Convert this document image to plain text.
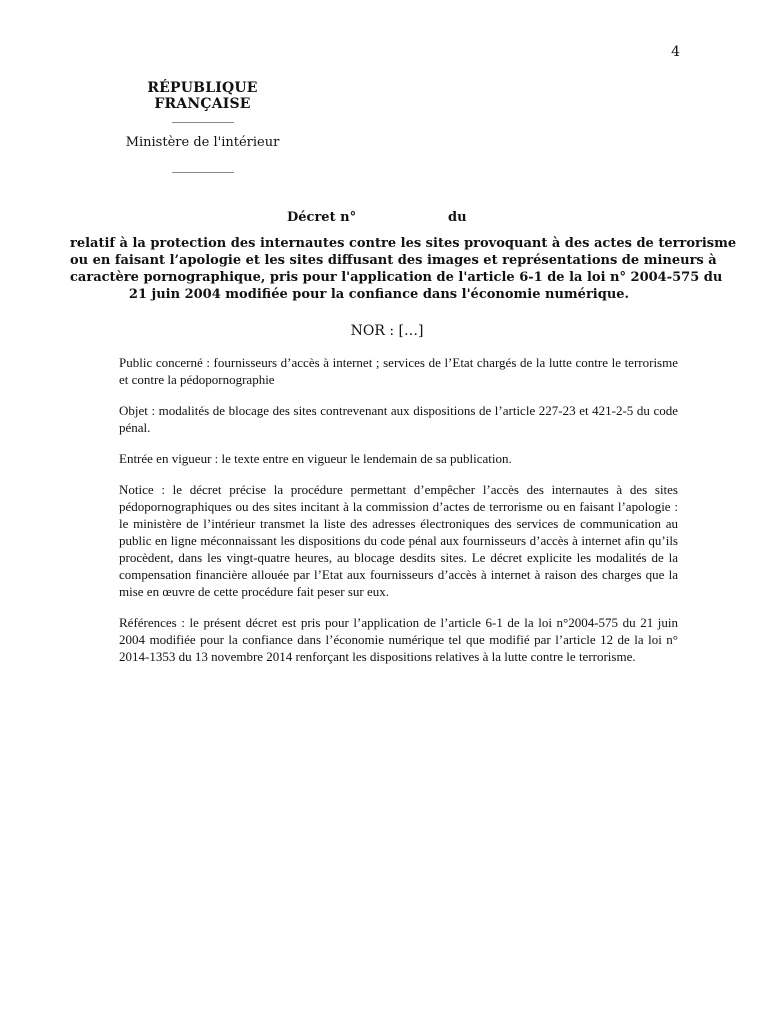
4
RÉPUBLIQUE FRANÇAISE
Ministère de l'intérieur
Décret n°	du
relatif à la protection des internautes contre les sites provoquant à des actes de terrorisme
ou en faisant l’apologie et les sites diffusant des images et représentations de mineurs à
caractère pornographique, pris pour l'application de l'article 6-1 de la loi n° 2004-575 du
21 juin 2004 modifiée pour la confiance dans l'économie numérique.
NOR : […]

Public concerné : fournisseurs d’accès à internet ; services de l’Etat chargés de la lutte contre le terrorisme et contre la pédopornographie

Objet : modalités de blocage des sites contrevenant aux dispositions de l’article 227-23 et 421-2-5 du code pénal.

Entrée en vigueur : le texte entre en vigueur le lendemain de sa publication.

Notice : le décret précise la procédure permettant d’empêcher l’accès des internautes à des sites pédopornographiques ou des sites incitant à la commission d’actes de terrorisme ou en faisant l’apologie : le ministère de l’intérieur transmet la liste des adresses électroniques des services de communication au public en ligne méconnaissant les dispositions du code pénal aux fournisseurs d’accès à internet afin qu’ils procèdent, dans les vingt-quatre heures, au blocage desdits sites. Le décret explicite les modalités de la compensation financière allouée par l’Etat aux fournisseurs d’accès à internet à raison des charges que la mise en œuvre de cette procédure fait peser sur eux.

Références : le présent décret est pris pour l’application de l’article 6-1 de la loi n°2004-575 du 21 juin 2004 modifiée pour la confiance dans l’économie numérique tel que modifié par l’article 12 de la loi n° 2014-1353 du 13 novembre 2014 renforçant les dispositions relatives à la lutte contre le terrorisme.
